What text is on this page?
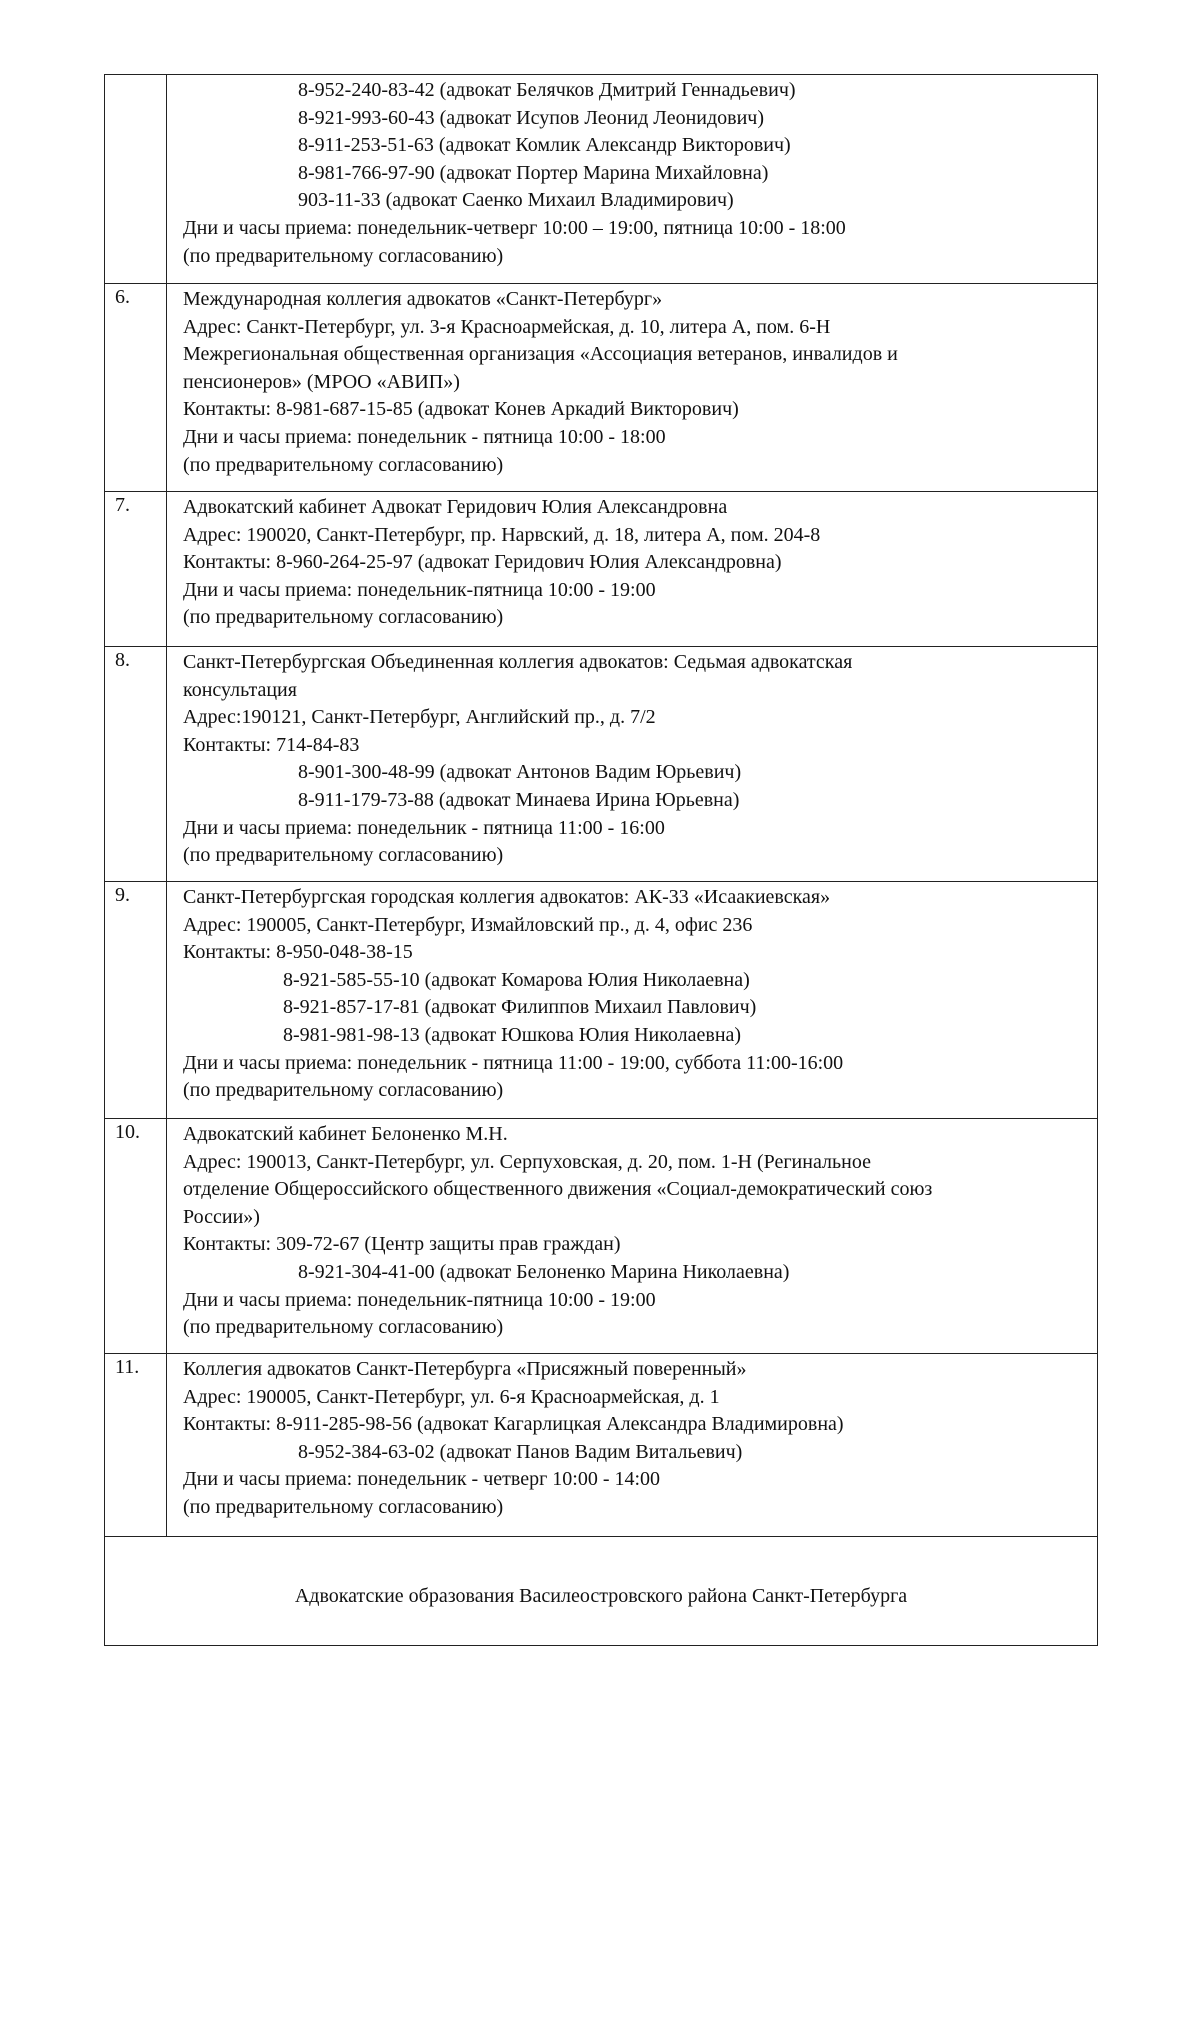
8-952-240-83-42 (адвокат Белячков Дмитрий Геннадьевич)
8-921-993-60-43 (адвокат Исупов Леонид Леонидович)
8-911-253-51-63 (адвокат Комлик Александр Викторович)
8-981-766-97-90 (адвокат Портер Марина Михайловна)
903-11-33 (адвокат Саенко Михаил Владимирович)
Дни и часы приема: понедельник-четверг 10:00 – 19:00, пятница 10:00 - 18:00
(по предварительному согласованию)
6.	Международная коллегия адвокатов «Санкт-Петербург»
Адрес: Санкт-Петербург, ул. 3-я Красноармейская, д. 10, литера А, пом. 6-Н
Межрегиональная общественная организация «Ассоциация ветеранов, инвалидов и
пенсионеров» (МРОО «АВИП»)
Контакты: 8-981-687-15-85 (адвокат Конев Аркадий Викторович)
Дни и часы приема: понедельник - пятница 10:00 - 18:00
(по предварительному согласованию)
7.	Адвокатский кабинет Адвокат Геридович Юлия Александровна
Адрес: 190020, Санкт-Петербург, пр. Нарвский, д. 18, литера А, пом. 204-8
Контакты: 8-960-264-25-97 (адвокат Геридович Юлия Александровна)
Дни и часы приема: понедельник-пятница 10:00 - 19:00
(по предварительному согласованию)
8.	Санкт-Петербургская Объединенная коллегия адвокатов: Седьмая адвокатская
консультация
Адрес:190121, Санкт-Петербург, Английский пр., д. 7/2
Контакты: 714-84-83
8-901-300-48-99 (адвокат Антонов Вадим Юрьевич)
8-911-179-73-88 (адвокат Минаева Ирина Юрьевна)
Дни и часы приема: понедельник - пятница 11:00 - 16:00
(по предварительному согласованию)
9.	Санкт-Петербургская городская коллегия адвокатов: АК-33 «Исаакиевская»
Адрес: 190005, Санкт-Петербург, Измайловский пр., д. 4, офис 236
Контакты: 8-950-048-38-15
8-921-585-55-10 (адвокат Комарова Юлия Николаевна)
8-921-857-17-81 (адвокат Филиппов Михаил Павлович)
8-981-981-98-13 (адвокат Юшкова Юлия Николаевна)
Дни и часы приема: понедельник - пятница 11:00 - 19:00, суббота 11:00-16:00
(по предварительному согласованию)
10.	Адвокатский кабинет Белоненко М.Н.
Адрес: 190013, Санкт-Петербург, ул. Серпуховская, д. 20, пом. 1-Н (Регинальное
отделение Общероссийского общественного движения «Социал-демократический союз
России»)
Контакты: 309-72-67 (Центр защиты прав граждан)
8-921-304-41-00 (адвокат Белоненко Марина Николаевна)
Дни и часы приема: понедельник-пятница 10:00 - 19:00
(по предварительному согласованию)
11.	Коллегия адвокатов Санкт-Петербурга «Присяжный поверенный»
Адрес: 190005, Санкт-Петербург, ул. 6-я Красноармейская, д. 1
Контакты: 8-911-285-98-56 (адвокат Кагарлицкая Александра Владимировна)
8-952-384-63-02 (адвокат Панов Вадим Витальевич)
Дни и часы приема: понедельник - четверг 10:00 - 14:00
(по предварительному согласованию)
Адвокатские образования Василеостровского района Санкт-Петербурга
